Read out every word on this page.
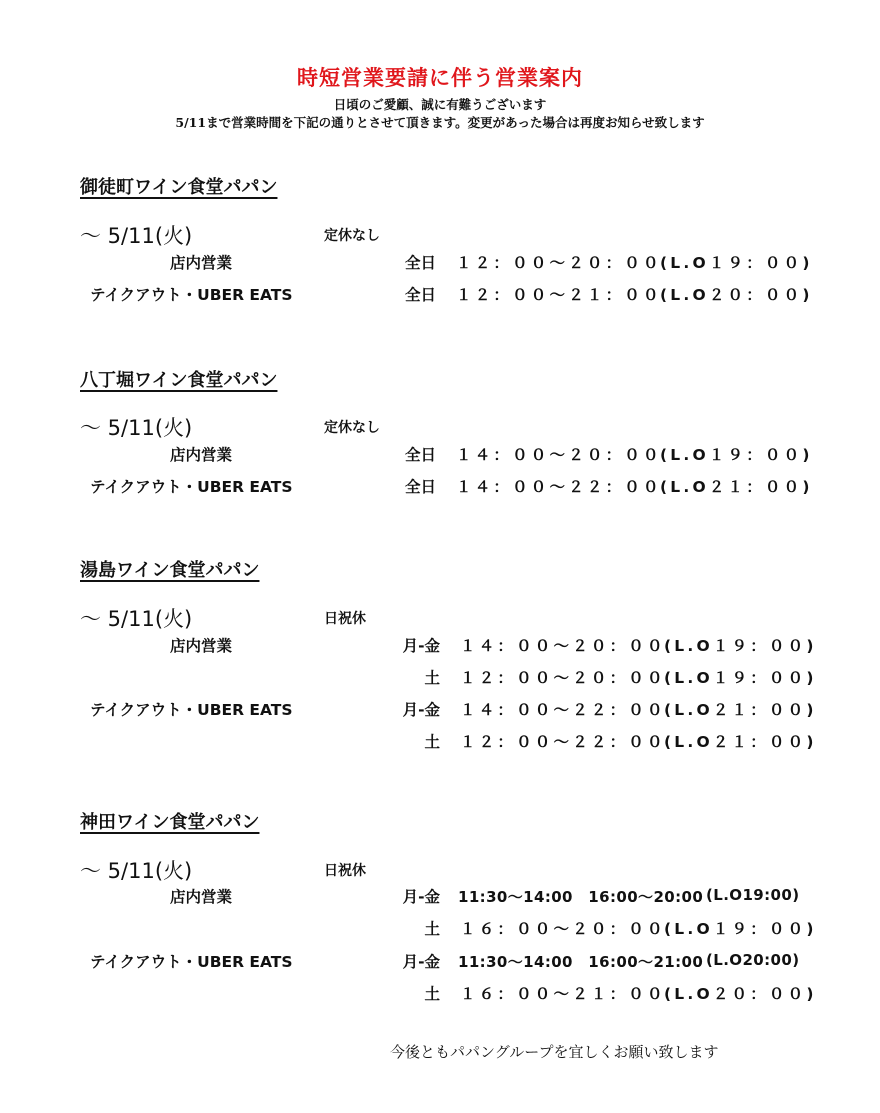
時短営業要請に伴う営業案内
日頃のご愛顧、誠に有難うございます
5/11まで営業時間を下記の通りとさせて頂きます。変更があった場合は再度お知らせ致します
御徒町ワイン食堂パパン
～ 5/11(火)	定休なし
店内営業	全日 １２：００～２０：００
(L.O１９：００)
テイクアウト・UBER EATS	全日 １２：００～２１：００
(L.O２０：００)
八丁堀ワイン食堂パパン
～ 5/11(火)	定休なし
店内営業	全日 １４：００～２０：００
(L.O１９：００)
テイクアウト・UBER EATS	全日 １４：００～２２：００
(L.O２１：００)
湯島ワイン食堂パパン
～ 5/11(火)	日祝休
店内営業	月-金 １４：００～２０：００
(L.O１９：００)
土 １２：００～２０：００
(L.O１９：００)
テイクアウト・UBER EATS	月-金 １４：００～２２：００
(L.O２１：００)
土 １２：００～２２：００
(L.O２１：００)
神田ワイン食堂パパン
～ 5/11(火)	日祝休
店内営業	月-金 11:30～14:00　16:00～20:00 (L.O19:00)
土 １６：００～２０：００
(L.O１９：００)
テイクアウト・UBER EATS	月-金 11:30～14:00　16:00～21:00 (L.O20:00)
土 １６：００～２１：００
(L.O２０：００)
今後ともパパングループを宜しくお願い致します
